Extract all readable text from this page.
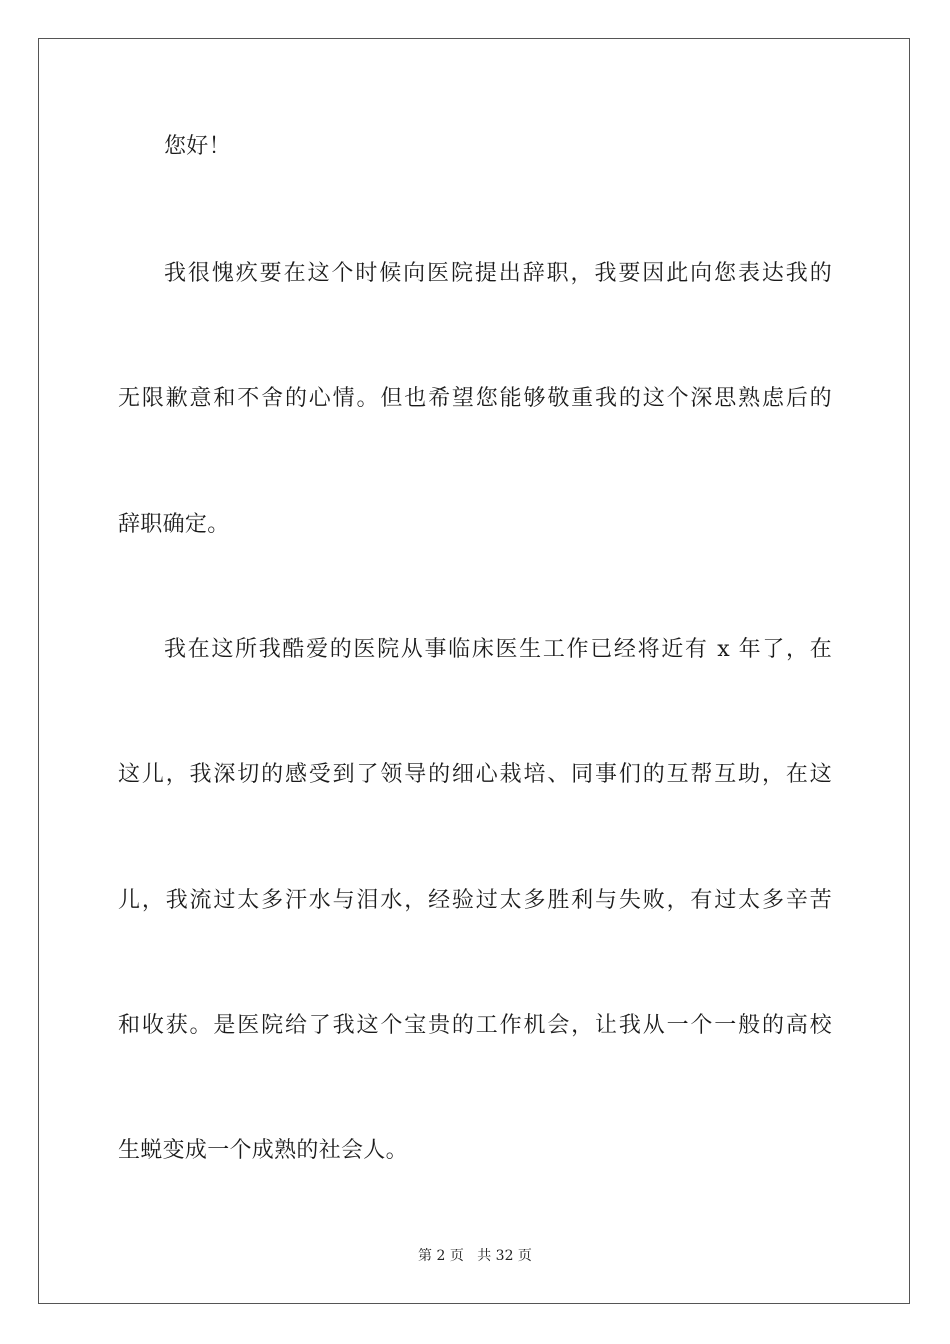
您好！
我很愧疚要在这个时候向医院提出辞职，我要因此向您表达我的
无限歉意和不舍的心情。但也希望您能够敬重我的这个深思熟虑后的
辞职确定。
我在这所我酷爱的医院从事临床医生工作已经将近有 x 年了，在
这儿，我深切的感受到了领导的细心栽培、同事们的互帮互助，在这
儿，我流过太多汗水与泪水，经验过太多胜利与失败，有过太多辛苦
和收获。是医院给了我这个宝贵的工作机会，让我从一个一般的高校
生蜕变成一个成熟的社会人。
第 2 页 共 32 页
